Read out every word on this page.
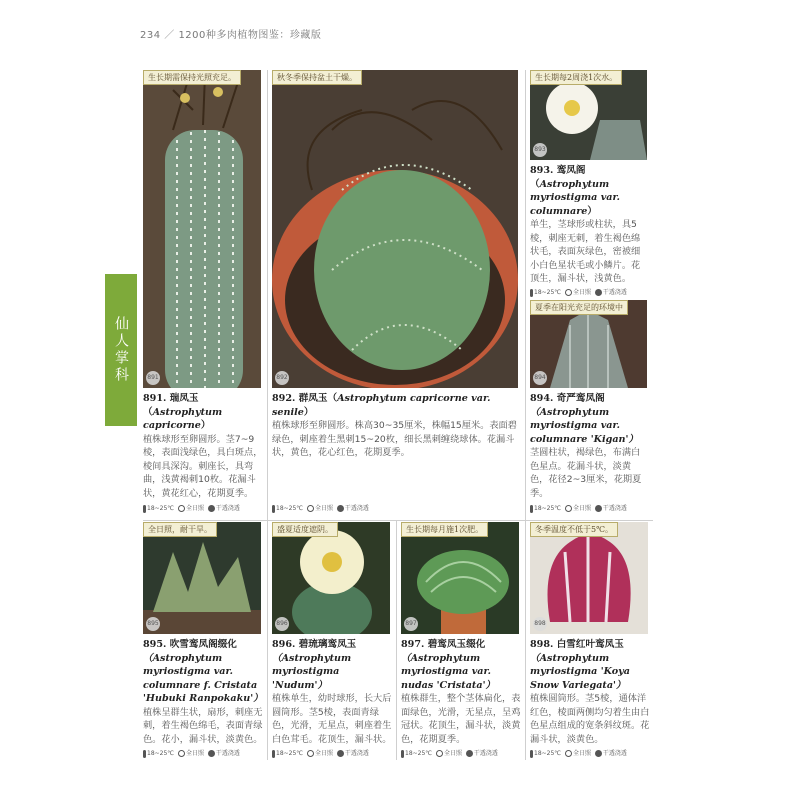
234 ／ 1200种多肉植物图鉴：珍藏版
仙人掌科
生长期需保持光照充足。
891
891. 瑞凤玉（Astrophytum capricorne）
植株球形至卵圆形。茎7~9棱，表面浅绿色，具白斑点，棱间具深沟。刺座长，具弯曲，浅黄褐刺10枚。花漏斗状，黄花红心，花期夏季。
18~25℃ 全日照 干透浇透
秋冬季保持盆土干燥。
892
892. 群凤玉（Astrophytum capricorne var. senile）
植株球形至卵圆形。株高30~35厘米，株幅15厘米。表面碧绿色，刺座着生黑刺15~20枚，细长黑刺缠绕球体。花漏斗状，黄色，花心红色，花期夏季。
18~25℃ 全日照 干透浇透
生长期每2周浇1次水。
893
893. 鸾凤阁（Astrophytum myriostigma var. columnare）
单生，茎球形或柱状，具5棱，刺座无刺，着生褐色绵状毛，表面灰绿色，密被细小白色星状毛或小鳞片。花顶生，漏斗状，浅黄色。
18~25℃ 全日照 干透浇透
夏季在阳光充足的环境中
894
894. 奇严鸾凤阁（Astrophytum myriostigma var. columnare 'Kigan'）
茎圆柱状，褐绿色，布满白色星点。花漏斗状，淡黄色，花径2~3厘米，花期夏季。
18~25℃ 全日照 干透浇透
全日照，耐干旱。
895
895. 吹雪鸾凤阁缀化
（Astrophytum myriostigma var. columnare f. Cristata 'Hubuki Ranpokaku'）
植株呈群生状，扇形，刺座无刺，着生褐色绵毛，表面青绿色。花小，漏斗状，淡黄色。
18~25℃ 全日照 干透浇透
盛夏适度遮阴。
896
896. 碧琉璃鸾凤玉
（Astrophytum myriostigma 'Nudum'）
植株单生，幼时球形，长大后圆筒形。茎5棱，表面青绿色，光滑，无星点，刺座着生白色茸毛。花顶生，漏斗状。
18~25℃ 全日照 干透浇透
生长期每月施1次肥。
897
897. 碧鸾凤玉缀化
（Astrophytum myriostigma var. nudas 'Cristata'）
植株群生，整个茎体扁化，表面绿色，光滑，无星点，呈鸡冠状。花顶生，漏斗状，淡黄色，花期夏季。
18~25℃ 全日照 干透浇透
冬季温度不低于5℃。
898
898. 白雪红叶鸾凤玉
（Astrophytum myriostigma 'Koya Snow Variegata'）
植株圆筒形。茎5棱，通体洋红色，棱面两侧均匀着生由白色星点组成的宽条斜纹斑。花漏斗状，淡黄色。
18~25℃ 全日照 干透浇透
